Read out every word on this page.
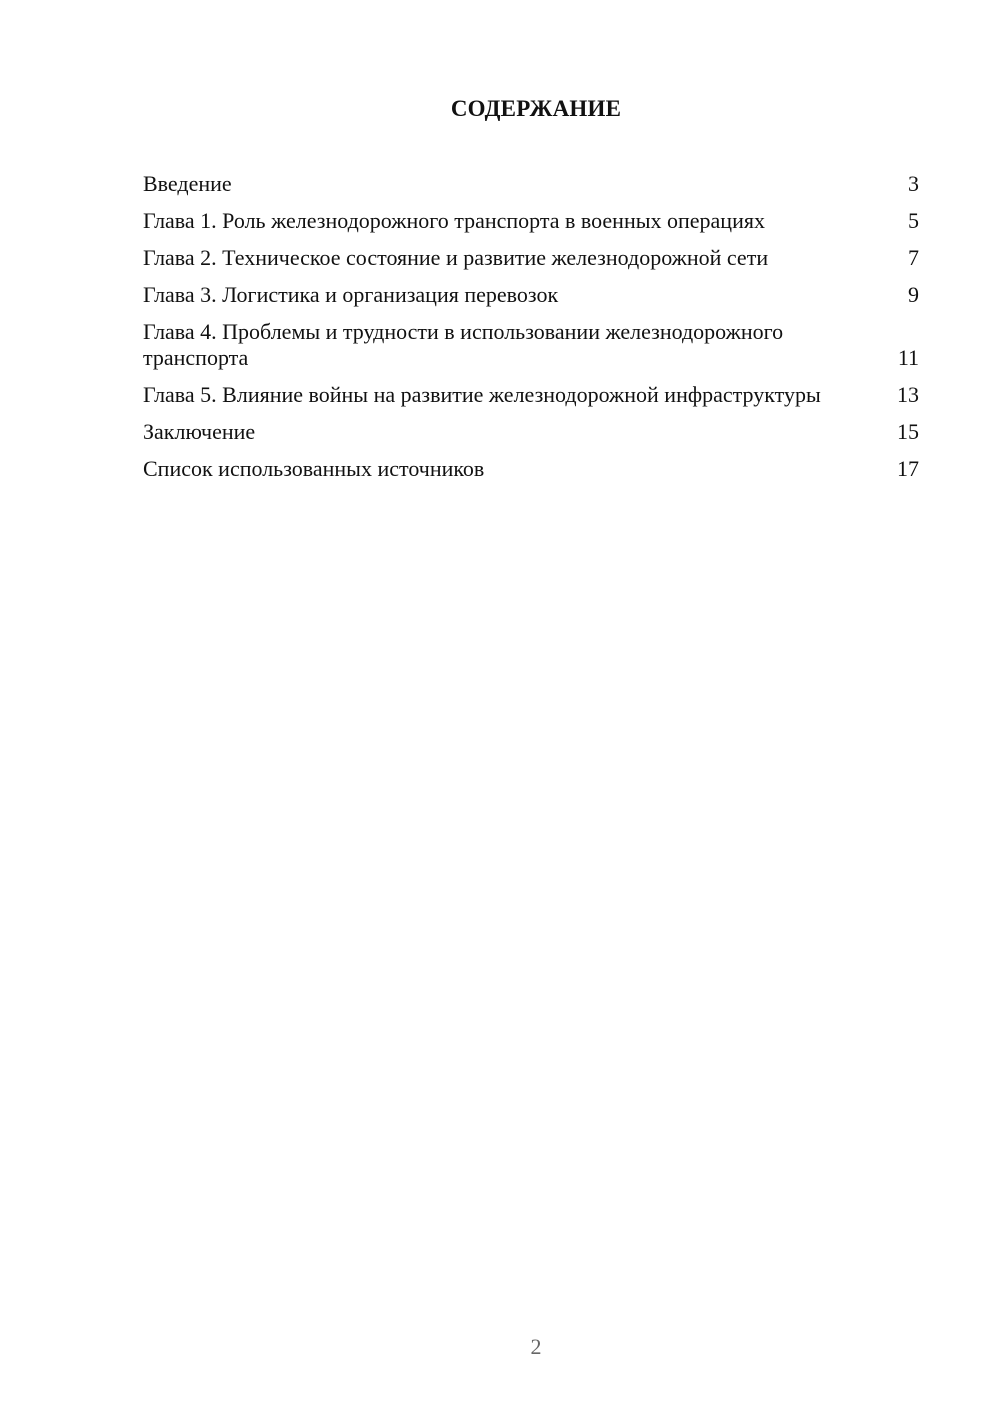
СОДЕРЖАНИЕ
Введение	3
Глава 1. Роль железнодорожного транспорта в военных операциях	5
Глава 2. Техническое состояние и развитие железнодорожной сети	7
Глава 3. Логистика и организация перевозок	9
Глава 4. Проблемы и трудности в использовании железнодорожного транспорта	11
Глава 5. Влияние войны на развитие железнодорожной инфраструктуры	13
Заключение	15
Список использованных источников	17
2
